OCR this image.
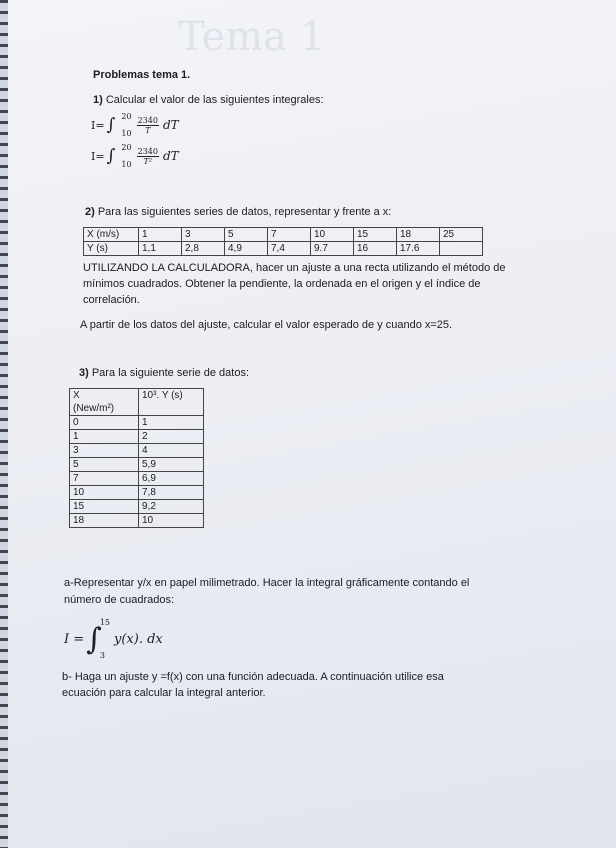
Tema 1
Problemas tema 1.
1) Calcular el valor de las siguientes integrales:
I= ∫ 20
$10 \frac{2340}{T}$ dT
I= ∫ 20
$10 \frac{2340}{\text{T²}}$ dT
2) Para las siguientes series de datos, representar y frente a x:
X (m/s)	1	3	5	7	10	15	18	25
Y (s)	1,1	2,8	4,9	7,4	9.7	16	17.6	
UTILIZANDO LA CALCULADORA, hacer un ajuste a una recta utilizando el método de
mínimos cuadrados. Obtener la pendiente, la ordenada en el origen y el índice de
correlación.
A partir de los datos del ajuste, calcular el valor esperado de y cuando x=25.
3) Para la siguiente serie de datos:
X
(New/m²)	10³. Y (s)
0	1
1	2
3	4
5	5,9
7	6,9
10	7,8
15	9,2
18	10
a-Representar y/x en papel milimetrado. Hacer la integral gráficamente contando el
número de cuadrados:
I = ∫
15
3
y(x). dx
b- Haga un ajuste y =f(x) con una función adecuada. A continuación utilice esa
ecuación para calcular la integral anterior.
